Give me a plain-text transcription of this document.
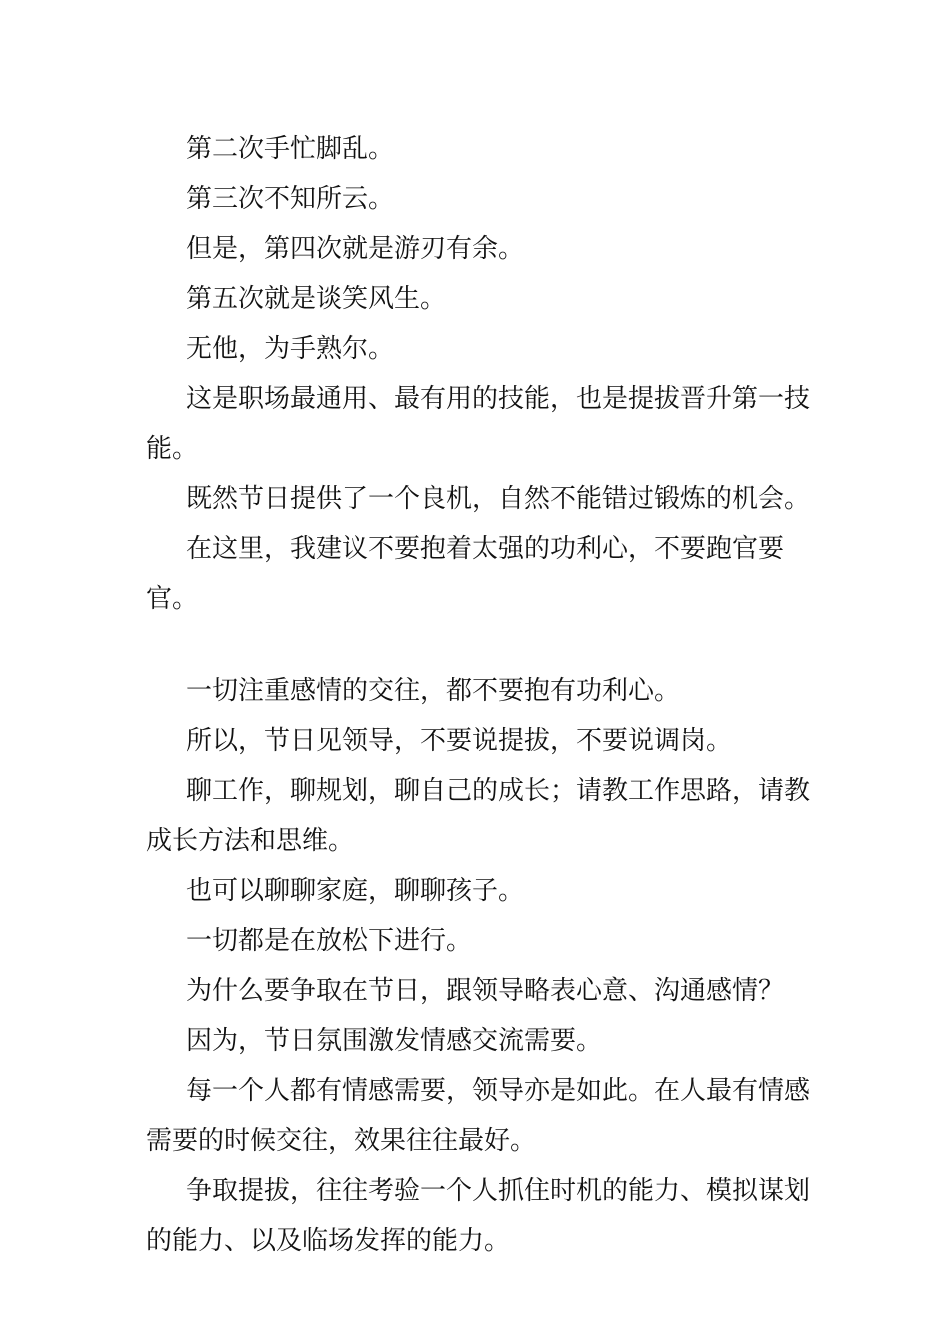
第二次手忙脚乱。

第三次不知所云。

但是，第四次就是游刃有余。

第五次就是谈笑风生。

无他，为手熟尔。

这是职场最通用、最有用的技能，也是提拔晋升第一技能。

既然节日提供了一个良机，自然不能错过锻炼的机会。

在这里，我建议不要抱着太强的功利心，不要跑官要官。

一切注重感情的交往，都不要抱有功利心。

所以，节日见领导，不要说提拔，不要说调岗。

聊工作，聊规划，聊自己的成长；请教工作思路，请教成长方法和思维。

也可以聊聊家庭，聊聊孩子。

一切都是在放松下进行。

为什么要争取在节日，跟领导略表心意、沟通感情？

因为，节日氛围激发情感交流需要。

每一个人都有情感需要，领导亦是如此。在人最有情感需要的时候交往，效果往往最好。

争取提拔，往往考验一个人抓住时机的能力、模拟谋划的能力、以及临场发挥的能力。
